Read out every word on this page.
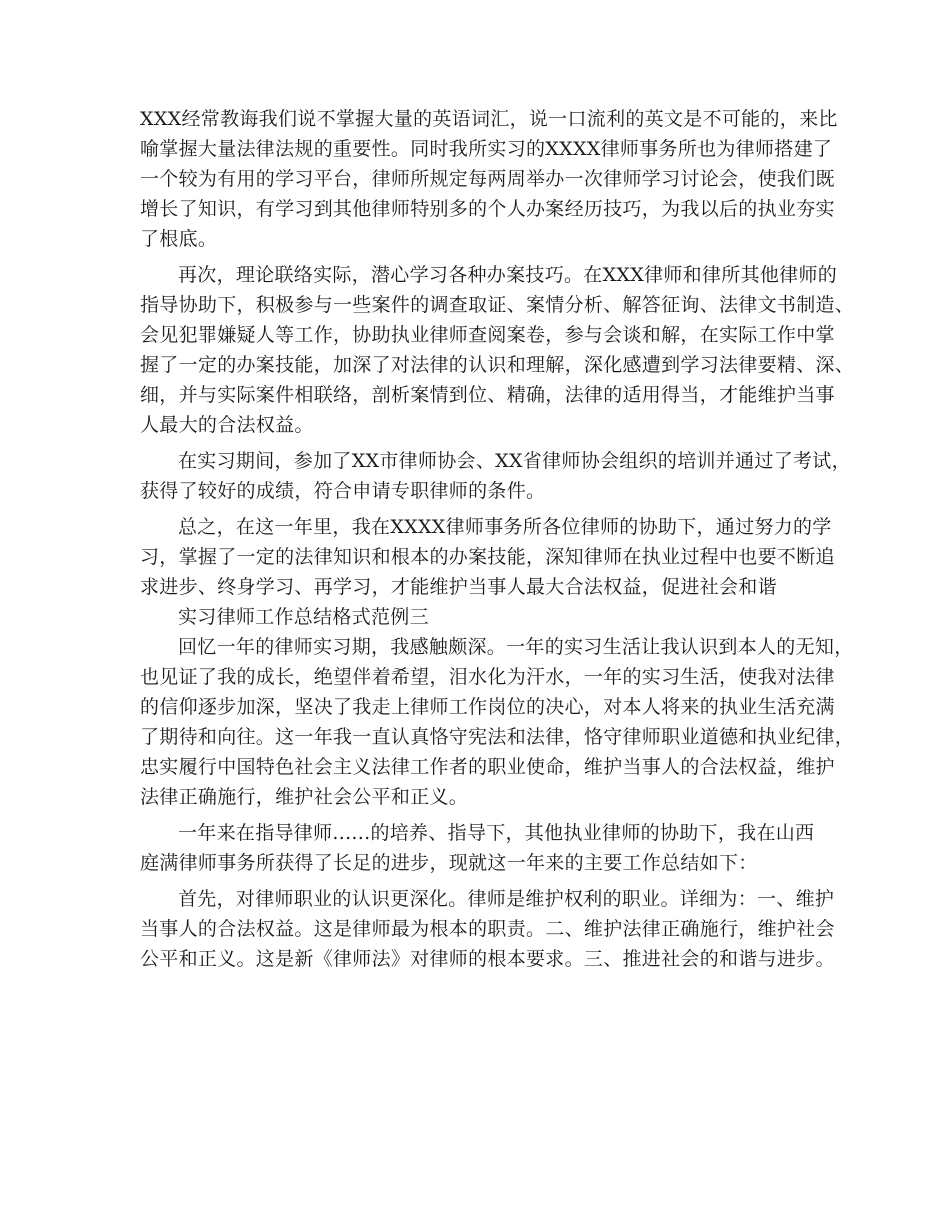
XXX经常教诲我们说不掌握大量的英语词汇，说一口流利的英文是不可能的，来比
喻掌握大量法律法规的重要性。同时我所实习的XXXX律师事务所也为律师搭建了
一个较为有用的学习平台，律师所规定每两周举办一次律师学习讨论会，使我们既
增长了知识，有学习到其他律师特别多的个人办案经历技巧，为我以后的执业夯实
了根底。
再次，理论联络实际，潜心学习各种办案技巧。在XXX律师和律所其他律师的
指导协助下，积极参与一些案件的调查取证、案情分析、解答征询、法律文书制造、
会见犯罪嫌疑人等工作，协助执业律师查阅案卷，参与会谈和解，在实际工作中掌
握了一定的办案技能，加深了对法律的认识和理解，深化感遭到学习法律要精、深、
细，并与实际案件相联络，剖析案情到位、精确，法律的适用得当，才能维护当事
人最大的合法权益。
在实习期间，参加了XX市律师协会、XX省律师协会组织的培训并通过了考试，
获得了较好的成绩，符合申请专职律师的条件。
总之，在这一年里，我在XXXX律师事务所各位律师的协助下，通过努力的学
习，掌握了一定的法律知识和根本的办案技能，深知律师在执业过程中也要不断追
求进步、终身学习、再学习，才能维护当事人最大合法权益，促进社会和谐
实习律师工作总结格式范例三
回忆一年的律师实习期，我感触颇深。一年的实习生活让我认识到本人的无知，
也见证了我的成长，绝望伴着希望，泪水化为汗水，一年的实习生活，使我对法律
的信仰逐步加深，坚决了我走上律师工作岗位的决心，对本人将来的执业生活充满
了期待和向往。这一年我一直认真恪守宪法和法律，恪守律师职业道德和执业纪律，
忠实履行中国特色社会主义法律工作者的职业使命，维护当事人的合法权益，维护
法律正确施行，维护社会公平和正义。
一年来在指导律师......的培养、指导下，其他执业律师的协助下，我在山西
庭满律师事务所获得了长足的进步，现就这一年来的主要工作总结如下：
首先，对律师职业的认识更深化。律师是维护权利的职业。详细为：一、维护
当事人的合法权益。这是律师最为根本的职责。二、维护法律正确施行，维护社会
公平和正义。这是新《律师法》对律师的根本要求。三、推进社会的和谐与进步。
